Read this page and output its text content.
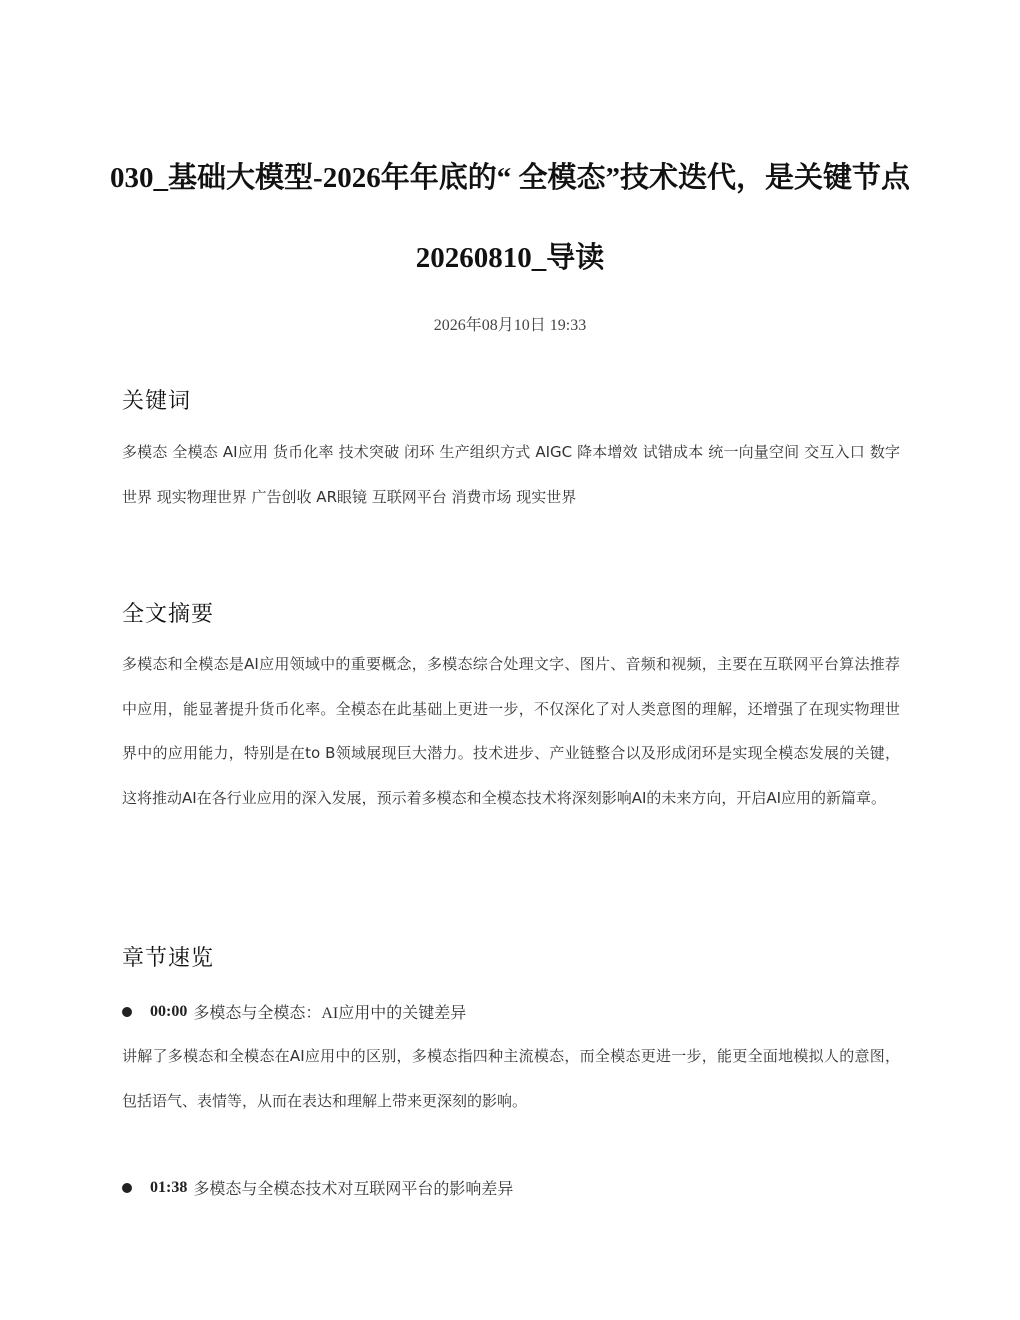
030_基础大模型-2026年年底的“ 全模态”技术迭代，是关键节点20260810_导读
2026年08月10日 19:33
关键词

多模态 全模态 AI应用 货币化率 技术突破 闭环 生产组织方式 AIGC 降本增效 试错成本 统一向量空间 交互入口 数字世界 现实物理世界 广告创收 AR眼镜 互联网平台 消费市场 现实世界

全文摘要

多模态和全模态是AI应用领域中的重要概念，多模态综合处理文字、图片、音频和视频，主要在互联网平台算法推荐中应用，能显著提升货币化率。全模态在此基础上更进一步，不仅深化了对人类意图的理解，还增强了在现实物理世界中的应用能力，特别是在to B领域展现巨大潜力。技术进步、产业链整合以及形成闭环是实现全模态发展的关键，这将推动AI在各行业应用的深入发展，预示着多模态和全模态技术将深刻影响AI的未来方向，开启AI应用的新篇章。

章节速览
00:00 多模态与全模态：AI应用中的关键差异

讲解了多模态和全模态在AI应用中的区别，多模态指四种主流模态，而全模态更进一步，能更全面地模拟人的意图，包括语气、表情等，从而在表达和理解上带来更深刻的影响。

01:38 多模态与全模态技术对互联网平台的影响差异
